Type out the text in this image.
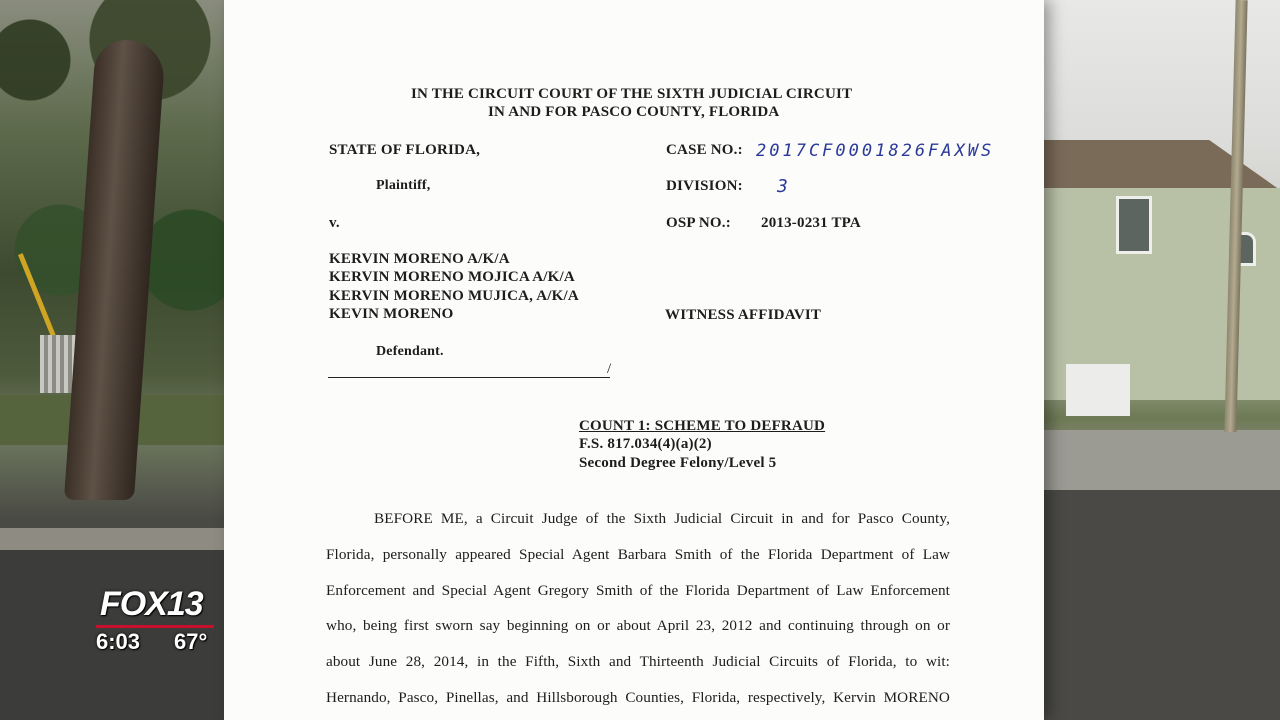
IN THE CIRCUIT COURT OF THE SIXTH JUDICIAL CIRCUIT
IN AND FOR PASCO COUNTY, FLORIDA
STATE OF FLORIDA,
Plaintiff,
v.
KERVIN MORENO A/K/A
KERVIN MORENO MOJICA A/K/A
KERVIN MORENO MUJICA, A/K/A
KEVIN MORENO
Defendant.
/
CASE NO.: 2017CF0001826FAXWS
DIVISION: 3
OSP NO.: 2013-0231 TPA
WITNESS AFFIDAVIT
COUNT 1: SCHEME TO DEFRAUD
F.S. 817.034(4)(a)(2)
Second Degree Felony/Level 5

BEFORE ME, a Circuit Judge of the Sixth Judicial Circuit in and for Pasco County,

Florida, personally appeared Special Agent Barbara Smith of the Florida Department of Law

Enforcement and Special Agent Gregory Smith of the Florida Department of Law Enforcement

who, being first sworn say beginning on or about April 23, 2012 and continuing through on or

about June 28, 2014, in the Fifth, Sixth and Thirteenth Judicial Circuits of Florida, to wit:

Hernando, Pasco, Pinellas, and Hillsborough Counties, Florida, respectively, Kervin MORENO

FOX13
6:03 67°
